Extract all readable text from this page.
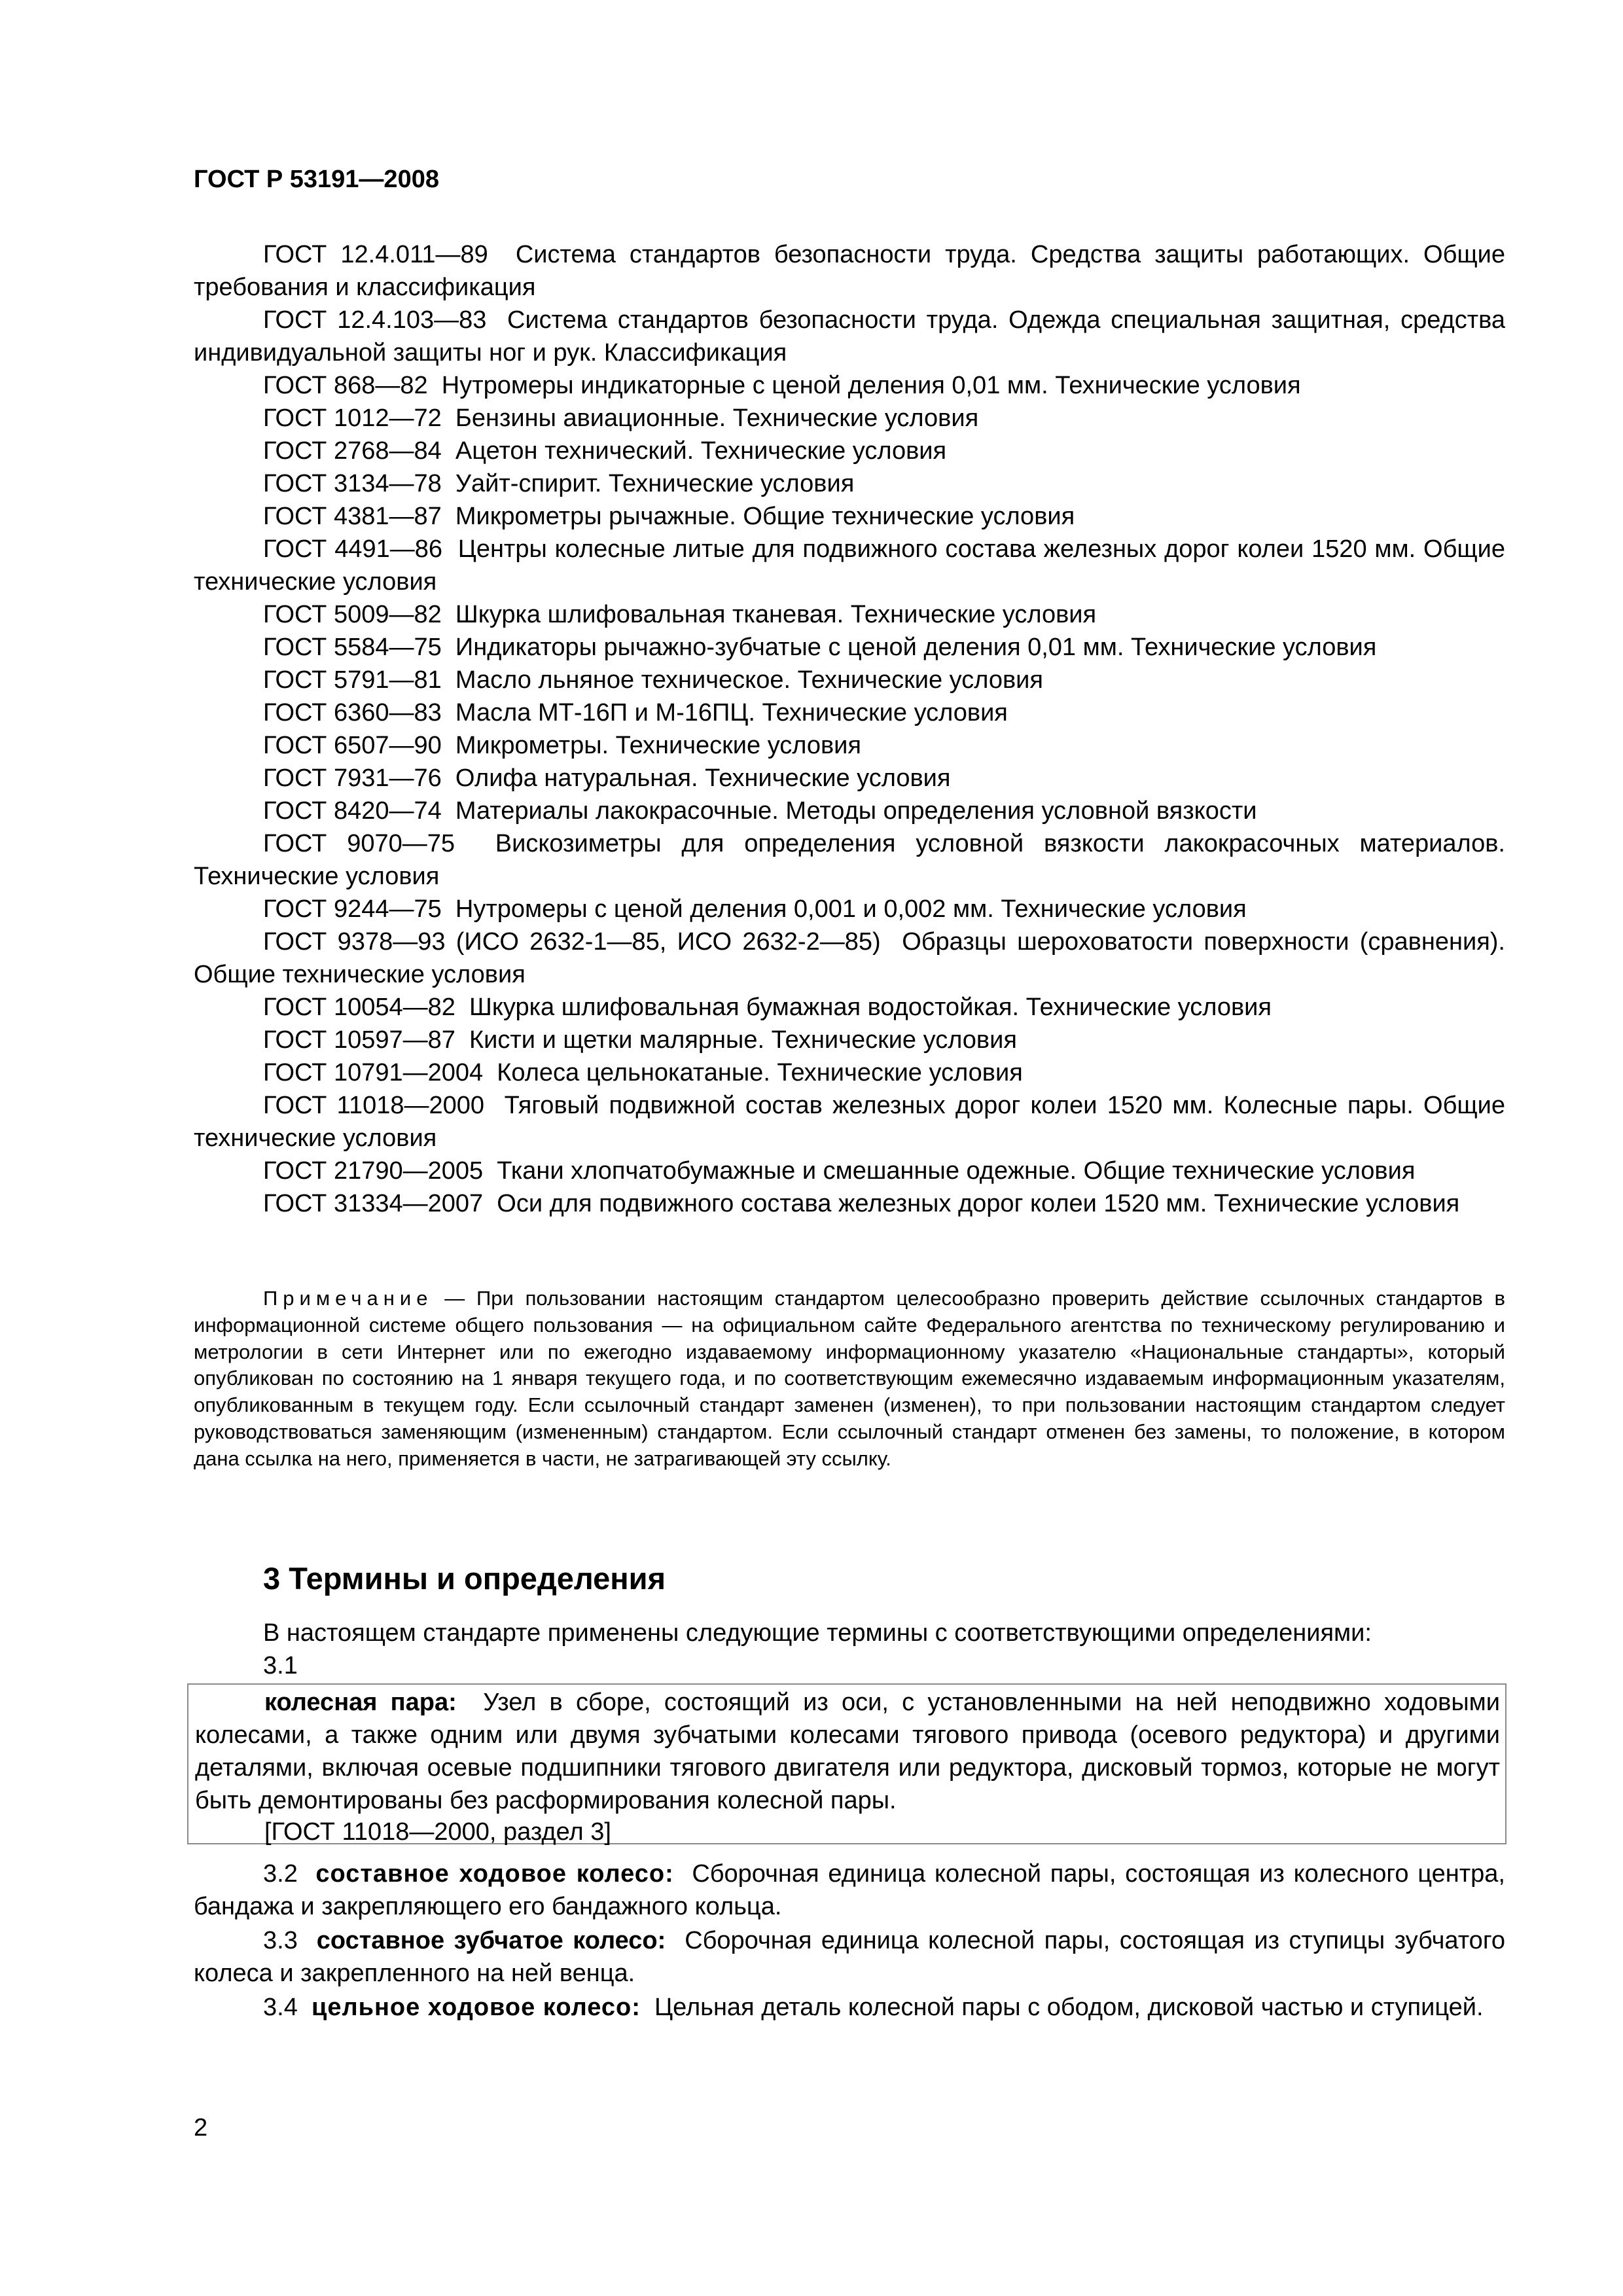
ГОСТ Р 53191—2008

ГОСТ 12.4.011—89 Система стандартов безопасности труда. Средства защиты работающих. Общие требования и классификация

ГОСТ 12.4.103—83 Система стандартов безопасности труда. Одежда специальная защитная, средства индивидуальной защиты ног и рук. Классификация

ГОСТ 868—82 Нутромеры индикаторные с ценой деления 0,01 мм. Технические условия

ГОСТ 1012—72 Бензины авиационные. Технические условия

ГОСТ 2768—84 Ацетон технический. Технические условия

ГОСТ 3134—78 Уайт-спирит. Технические условия

ГОСТ 4381—87 Микрометры рычажные. Общие технические условия

ГОСТ 4491—86 Центры колесные литые для подвижного состава железных дорог колеи 1520 мм. Общие технические условия

ГОСТ 5009—82 Шкурка шлифовальная тканевая. Технические условия

ГОСТ 5584—75 Индикаторы рычажно-зубчатые с ценой деления 0,01 мм. Технические условия

ГОСТ 5791—81 Масло льняное техническое. Технические условия

ГОСТ 6360—83 Масла МТ-16П и М-16ПЦ. Технические условия

ГОСТ 6507—90 Микрометры. Технические условия

ГОСТ 7931—76 Олифа натуральная. Технические условия

ГОСТ 8420—74 Материалы лакокрасочные. Методы определения условной вязкости

ГОСТ 9070—75 Вискозиметры для определения условной вязкости лакокрасочных материалов. Технические условия

ГОСТ 9244—75 Нутромеры с ценой деления 0,001 и 0,002 мм. Технические условия

ГОСТ 9378—93 (ИСО 2632-1—85, ИСО 2632-2—85) Образцы шероховатости поверхности (сравнения). Общие технические условия

ГОСТ 10054—82 Шкурка шлифовальная бумажная водостойкая. Технические условия

ГОСТ 10597—87 Кисти и щетки малярные. Технические условия

ГОСТ 10791—2004 Колеса цельнокатаные. Технические условия

ГОСТ 11018—2000 Тяговый подвижной состав железных дорог колеи 1520 мм. Колесные пары. Общие технические условия

ГОСТ 21790—2005 Ткани хлопчатобумажные и смешанные одежные. Общие технические условия

ГОСТ 31334—2007 Оси для подвижного состава железных дорог колеи 1520 мм. Технические условия

Примечание — При пользовании настоящим стандартом целесообразно проверить действие ссылочных стандартов в информационной системе общего пользования — на официальном сайте Федерального агентства по техническому регулированию и метрологии в сети Интернет или по ежегодно издаваемому информационному указателю «Национальные стандарты», который опубликован по состоянию на 1 января текущего года, и по соответствующим ежемесячно издаваемым информационным указателям, опубликованным в текущем году. Если ссылочный стандарт заменен (изменен), то при пользовании настоящим стандартом следует руководствоваться заменяющим (измененным) стандартом. Если ссылочный стандарт отменен без замены, то положение, в котором дана ссылка на него, применяется в части, не затрагивающей эту ссылку.

3 Термины и определения

В настоящем стандарте применены следующие термины с соответствующими определениями:

3.1

колесная пара: Узел в сборе, состоящий из оси, с установленными на ней неподвижно ходовыми колесами, а также одним или двумя зубчатыми колесами тягового привода (осевого редуктора) и другими деталями, включая осевые подшипники тягового двигателя или редуктора, дисковый тормоз, которые не могут быть демонтированы без расформирования колесной пары.

[ГОСТ 11018—2000, раздел 3]

3.2 составное ходовое колесо: Сборочная единица колесной пары, состоящая из колесного центра, бандажа и закрепляющего его бандажного кольца.

3.3 составное зубчатое колесо: Сборочная единица колесной пары, состоящая из ступицы зубчатого колеса и закрепленного на ней венца.

3.4 цельное ходовое колесо: Цельная деталь колесной пары с ободом, дисковой частью и ступицей.

2
